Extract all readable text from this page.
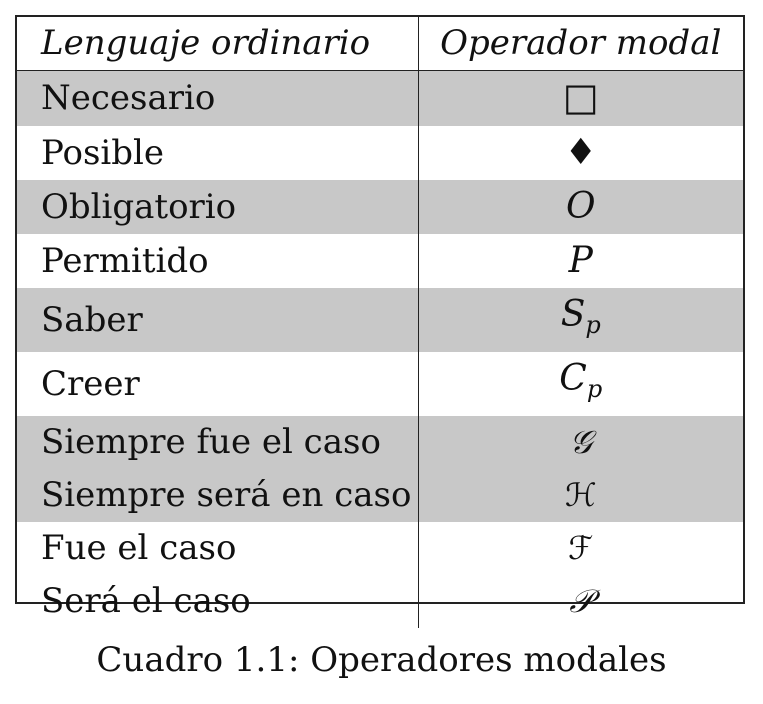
Lenguaje ordinario	Operador modal
Necesario	□
Posible	♦
Obligatorio	O
Permitido	P
Saber	$S_p$
Creer	$C_p$
Siempre fue el caso	𝒢
Siempre será en caso	ℋ
Fue el caso	ℱ
Será el caso	𝒫
Cuadro 1.1: Operadores modales
